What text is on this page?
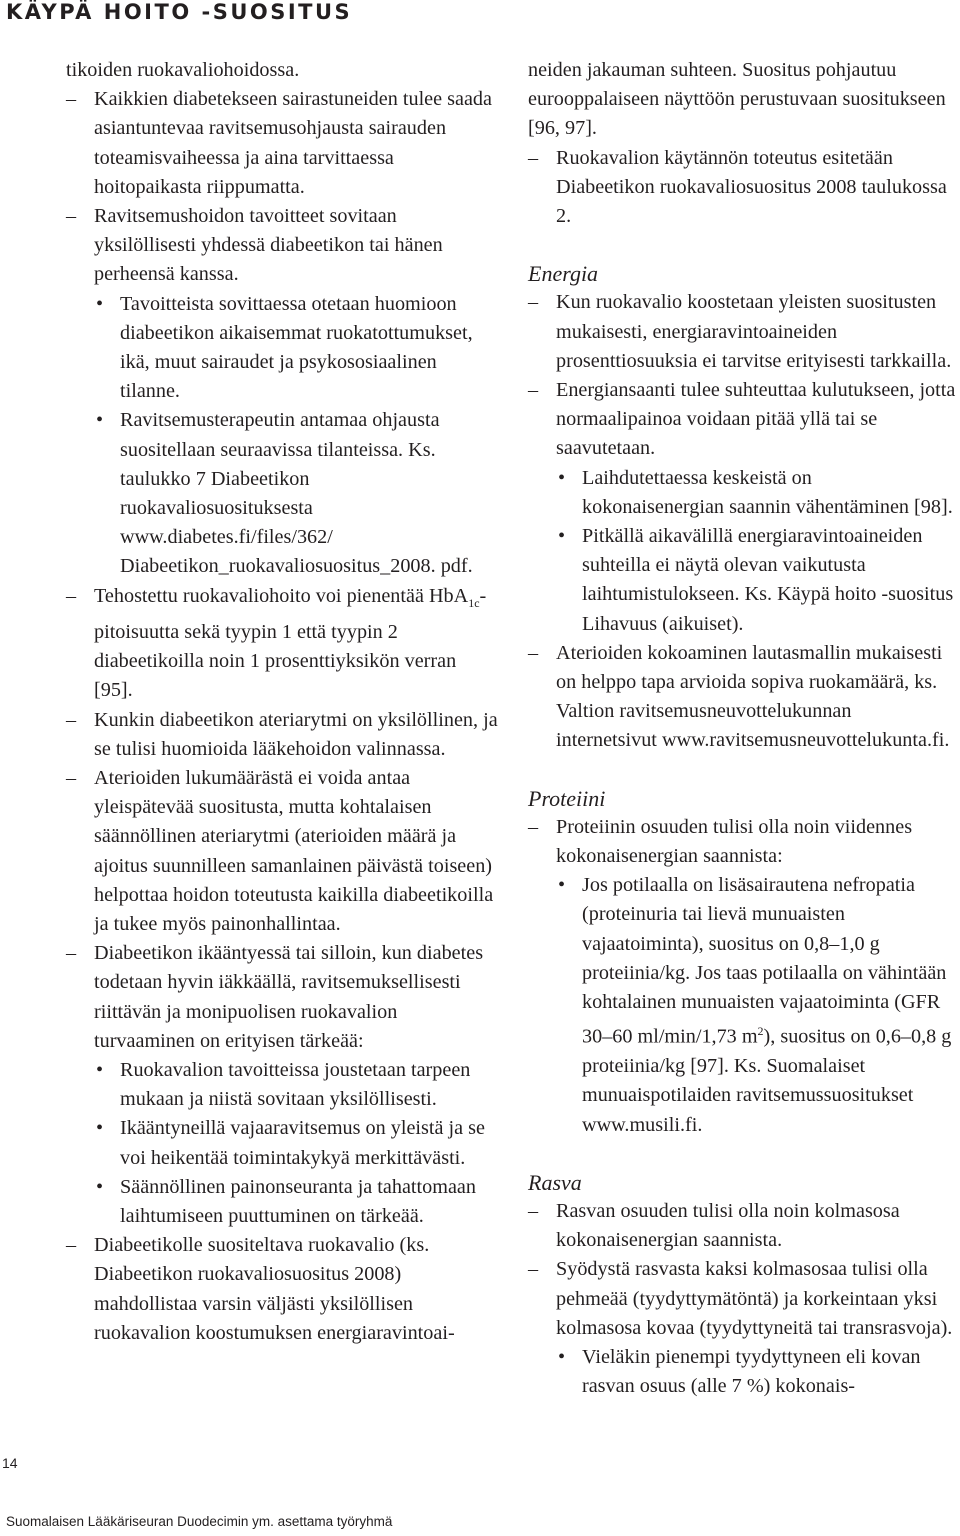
KÄYPÄ HOITO -SUOSITUS

tikoiden ruokavaliohoidossa.

– Kaikkien diabetekseen sairastuneiden tulee saada asiantuntevaa ravitsemusohjausta sairauden toteamisvaiheessa ja aina tarvittaessa hoitopaikasta riippumatta.

– Ravitsemushoidon tavoitteet sovitaan yksilöllisesti yhdessä diabeetikon tai hänen perheensä kanssa.

• Tavoitteista sovittaessa otetaan huomioon diabeetikon aikaisemmat ruokatottumukset, ikä, muut sairaudet ja psykososiaalinen tilanne.

• Ravitsemusterapeutin antamaa ohjausta suositellaan seuraavissa tilanteissa. Ks. taulukko 7 Diabeetikon ruokavaliosuosituksesta www.diabetes.fi/files/362/ Diabeetikon_ruokavaliosuositus_2008. pdf.

– Tehostettu ruokavaliohoito voi pienentää HbA$_{1c}$-pitoisuutta sekä tyypin 1 että tyypin 2 diabeetikoilla noin 1 prosenttiyksikön verran [95].

– Kunkin diabeetikon ateriarytmi on yksilöllinen, ja se tulisi huomioida lääkehoidon valinnassa.

– Aterioiden lukumäärästä ei voida antaa yleispätevää suositusta, mutta kohtalaisen säännöllinen ateriarytmi (aterioiden määrä ja ajoitus suunnilleen samanlainen päivästä toiseen) helpottaa hoidon toteutusta kaikilla diabeetikoilla ja tukee myös painonhallintaa.

– Diabeetikon ikääntyessä tai silloin, kun diabetes todetaan hyvin iäkkäällä, ravitsemuksellisesti riittävän ja monipuolisen ruokavalion turvaaminen on erityisen tärkeää:

• Ruokavalion tavoitteissa joustetaan tarpeen mukaan ja niistä sovitaan yksilöllisesti.

• Ikääntyneillä vajaaravitsemus on yleistä ja se voi heikentää toimintakykyä merkittävästi.

• Säännöllinen painonseuranta ja tahattomaan laihtumiseen puuttuminen on tärkeää.

– Diabeetikolle suositeltava ruokavalio (ks. Diabeetikon ruokavaliosuositus 2008) mahdollistaa varsin väljästi yksilöllisen ruokavalion koostumuksen energiaravintoai-

neiden jakauman suhteen. Suositus pohjautuu eurooppalaiseen näyttöön perustuvaan suositukseen [96, 97].

– Ruokavalion käytännön toteutus esitetään Diabeetikon ruokavaliosuositus 2008 taulukossa 2.

Energia

– Kun ruokavalio koostetaan yleisten suositusten mukaisesti, energiaravintoaineiden prosenttiosuuksia ei tarvitse erityisesti tarkkailla.

– Energiansaanti tulee suhteuttaa kulutukseen, jotta normaalipainoa voidaan pitää yllä tai se saavutetaan.

• Laihdutettaessa keskeistä on kokonaisenergian saannin vähentäminen [98].

• Pitkällä aikavälillä energiaravintoaineiden suhteilla ei näytä olevan vaikutusta laihtumistulokseen. Ks. Käypä hoito -suositus Lihavuus (aikuiset).

– Aterioiden kokoaminen lautasmallin mukaisesti on helppo tapa arvioida sopiva ruokamäärä, ks. Valtion ravitsemusneuvottelukunnan internetsivut www.ravitsemusneuvottelukunta.fi.

Proteiini

– Proteiinin osuuden tulisi olla noin viidennes kokonaisenergian saannista:

• Jos potilaalla on lisäsairautena nefropatia (proteinuria tai lievä munuaisten vajaatoiminta), suositus on 0,8–1,0 g proteiinia/kg. Jos taas potilaalla on vähintään kohtalainen munuaisten vajaatoiminta (GFR 30–60 ml/min/1,73 $m^2$), suositus on 0,6–0,8 g proteiinia/kg [97]. Ks. Suomalaiset munuaispotilaiden ravitsemussuositukset www.musili.fi.

Rasva

– Rasvan osuuden tulisi olla noin kolmasosa kokonaisenergian saannista.

– Syödystä rasvasta kaksi kolmasosaa tulisi olla pehmeää (tyydyttymätöntä) ja korkeintaan yksi kolmasosa kovaa (tyydyttyneitä tai transrasvoja).

• Vieläkin pienempi tyydyttyneen eli kovan rasvan osuus (alle 7 %) kokonais-

14
Suomalaisen Lääkäriseuran Duodecimin ym. asettama työryhmä
